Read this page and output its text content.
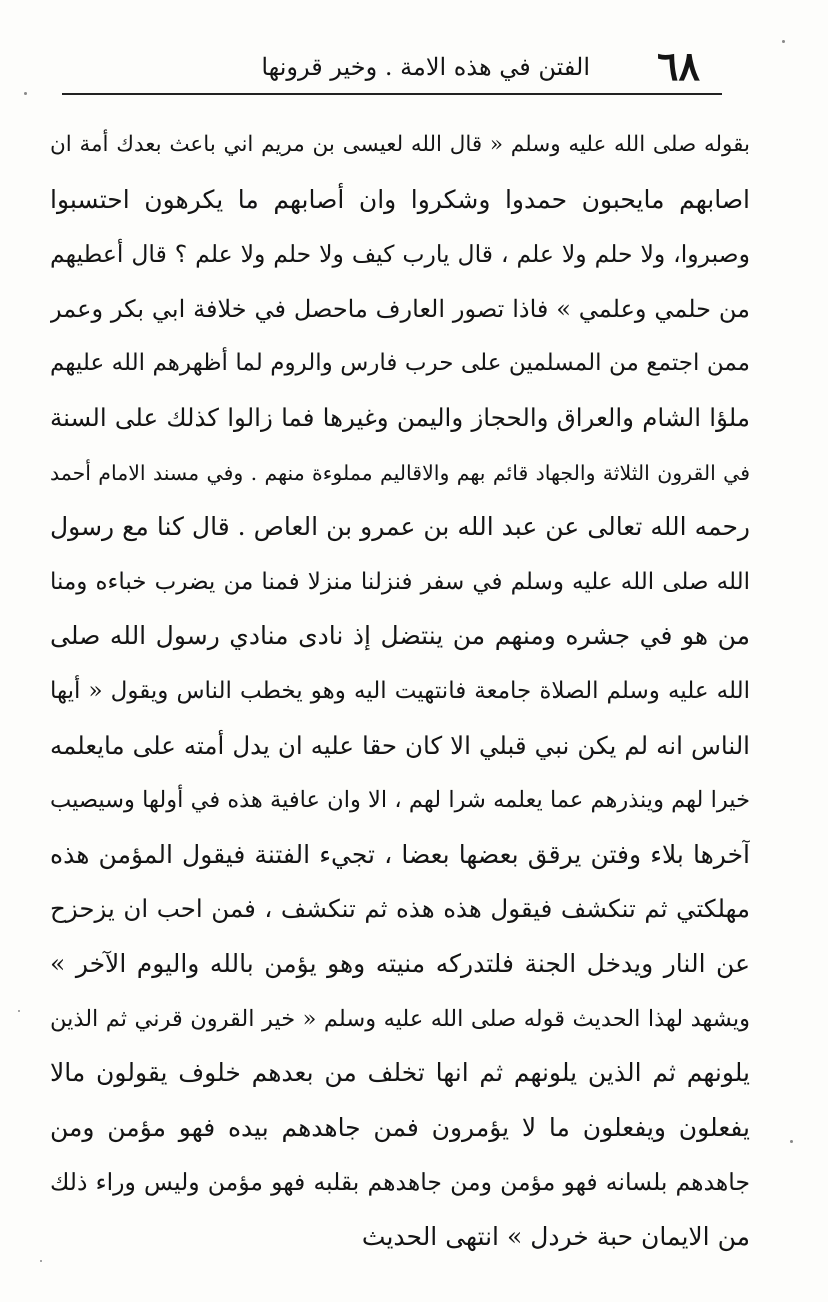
٦٨
الفتن في هذه الامة . وخير قرونها
بقوله صلى الله عليه وسلم « قال الله لعيسى بن مريم اني باعث بعدك أمة ان
اصابهم مايحبون حمدوا وشكروا وان أصابهم ما يكرهون احتسبوا
وصبروا، ولا حلم ولا علم ، قال يارب كيف ولا حلم ولا علم ؟ قال أعطيهم
من حلمي وعلمي » فاذا تصور العارف ماحصل في خلافة ابي بكر وعمر
ممن اجتمع من المسلمين على حرب فارس والروم لما أظهرهم الله عليهم
ملؤا الشام والعراق والحجاز واليمن وغيرها فما زالوا كذلك على السنة
في القرون الثلاثة والجهاد قائم بهم والاقاليم مملوءة منهم . وفي مسند الامام أحمد
رحمه الله تعالى عن عبد الله بن عمرو بن العاص . قال كنا مع رسول
الله صلى الله عليه وسلم في سفر فنزلنا منزلا فمنا من يضرب خباءه ومنا
من هو في جشره ومنهم من ينتضل إذ نادى منادي رسول الله صلى
الله عليه وسلم الصلاة جامعة فانتهيت اليه وهو يخطب الناس ويقول « أيها
الناس انه لم يكن نبي قبلي الا كان حقا عليه ان يدل أمته على مايعلمه
خيرا لهم وينذرهم عما يعلمه شرا لهم ، الا وان عافية هذه في أولها وسيصيب
آخرها بلاء وفتن يرقق بعضها بعضا ، تجيء الفتنة فيقول المؤمن هذه
مهلكتي ثم تنكشف فيقول هذه هذه ثم تنكشف ، فمن احب ان يزحزح
عن النار ويدخل الجنة فلتدركه منيته وهو يؤمن بالله واليوم الآخر »
ويشهد لهذا الحديث قوله صلى الله عليه وسلم « خير القرون قرني ثم الذين
يلونهم ثم الذين يلونهم ثم انها تخلف من بعدهم خلوف يقولون مالا
يفعلون ويفعلون ما لا يؤمرون فمن جاهدهم بيده فهو مؤمن ومن
جاهدهم بلسانه فهو مؤمن ومن جاهدهم بقلبه فهو مؤمن وليس وراء ذلك
من الايمان حبة خردل » انتهى الحديث
